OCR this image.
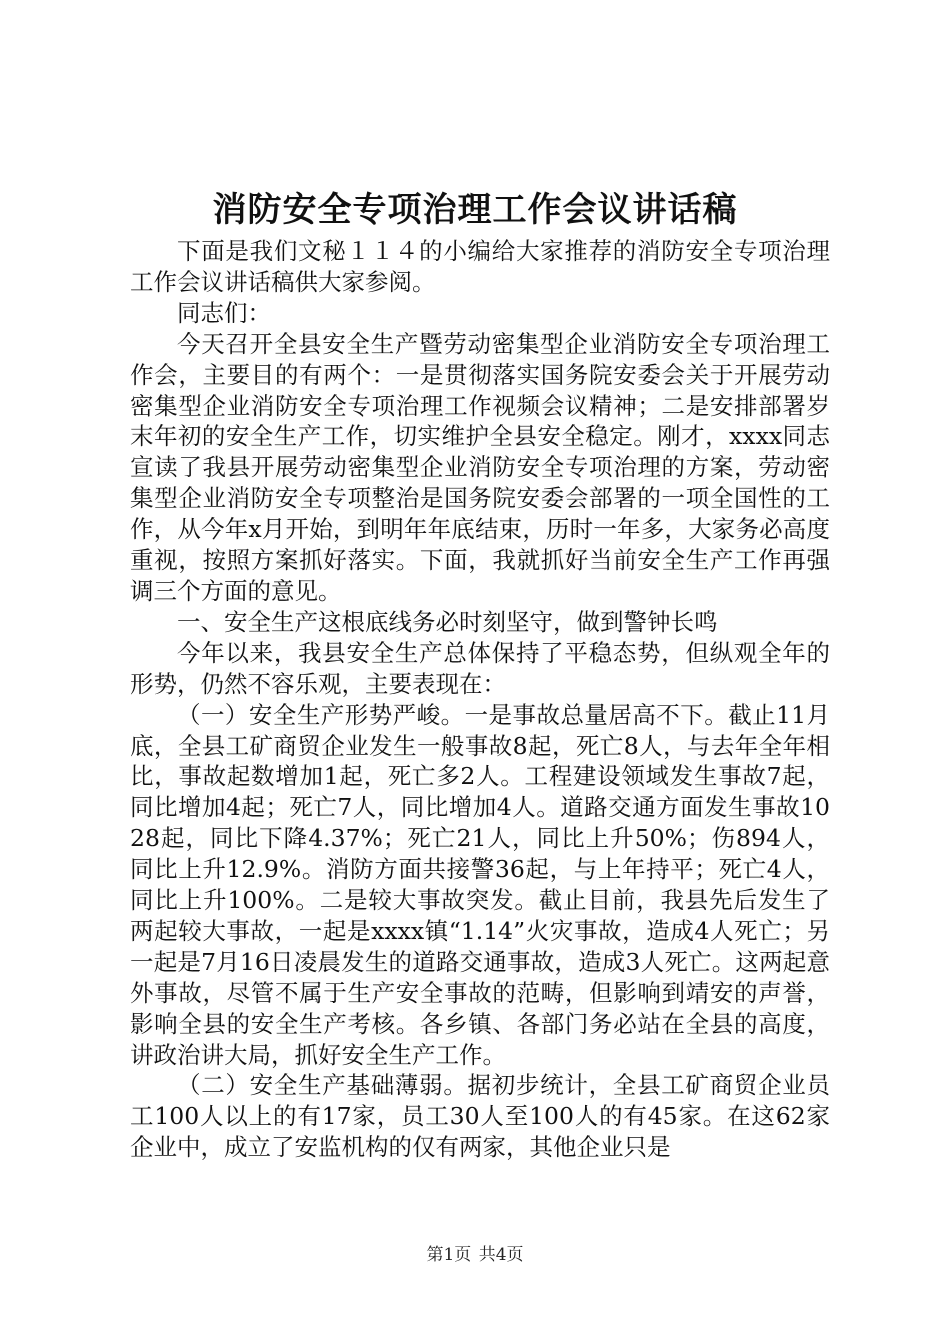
消防安全专项治理工作会议讲话稿

下面是我们文秘１１４的小编给大家推荐的消防安全专项治理工作会议讲话稿供大家参阅。

同志们：

今天召开全县安全生产暨劳动密集型企业消防安全专项治理工作会，主要目的有两个：一是贯彻落实国务院安委会关于开展劳动密集型企业消防安全专项治理工作视频会议精神；二是安排部署岁末年初的安全生产工作，切实维护全县安全稳定。刚才，xxxx同志宣读了我县开展劳动密集型企业消防安全专项治理的方案，劳动密集型企业消防安全专项整治是国务院安委会部署的一项全国性的工作，从今年x月开始，到明年年底结束，历时一年多，大家务必高度重视，按照方案抓好落实。下面，我就抓好当前安全生产工作再强调三个方面的意见。

一、安全生产这根底线务必时刻坚守，做到警钟长鸣

今年以来，我县安全生产总体保持了平稳态势，但纵观全年的形势，仍然不容乐观，主要表现在：

（一）安全生产形势严峻。一是事故总量居高不下。截止11月底，全县工矿商贸企业发生一般事故8起，死亡8人，与去年全年相比，事故起数增加1起，死亡多2人。工程建设领域发生事故7起，同比增加4起；死亡7人，同比增加4人。道路交通方面发生事故1028起，同比下降4.37%；死亡21人，同比上升50%；伤894人，同比上升12.9%。消防方面共接警36起，与上年持平；死亡4人，同比上升100%。二是较大事故突发。截止目前，我县先后发生了两起较大事故，一起是xxxx镇“1.14”火灾事故，造成4人死亡；另一起是7月16日凌晨发生的道路交通事故，造成3人死亡。这两起意外事故，尽管不属于生产安全事故的范畴，但影响到靖安的声誉，影响全县的安全生产考核。各乡镇、各部门务必站在全县的高度，讲政治讲大局，抓好安全生产工作。

（二）安全生产基础薄弱。据初步统计，全县工矿商贸企业员工100人以上的有17家，员工30人至100人的有45家。在这62家企业中，成立了安监机构的仅有两家，其他企业只是

第1页 共4页
